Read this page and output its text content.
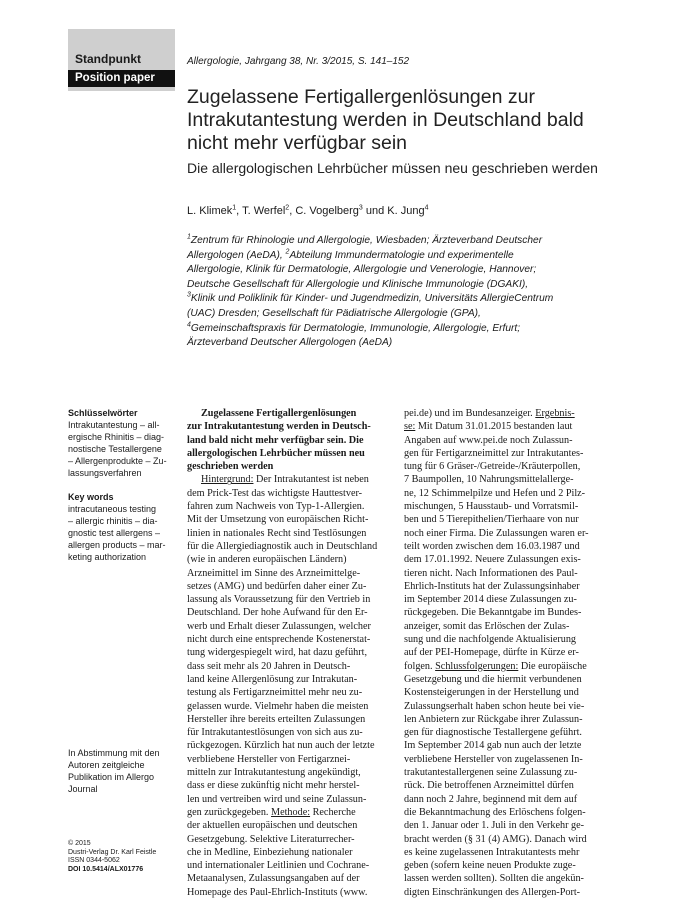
Standpunkt
Position paper
Allergologie, Jahrgang 38, Nr. 3/2015, S. 141–152
Zugelassene Fertigallergenlösungen zur
Intrakutantestung werden in Deutschland bald
nicht mehr verfügbar sein
Die allergologischen Lehrbücher müssen neu geschrieben werden
L. Klimek$^1$, T. Werfel$^2$, C. Vogelberg$^3$ und K. Jung$^4$
$^1$Zentrum für Rhinologie und Allergologie, Wiesbaden; Ärzteverband Deutscher
Allergologen (AeDA), $^2$Abteilung Immundermatologie und experimentelle
Allergologie, Klinik für Dermatologie, Allergologie und Venerologie, Hannover;
Deutsche Gesellschaft für Allergologie und Klinische Immunologie (DGAKI),
$^3$Klinik und Poliklinik für Kinder- und Jugendmedizin, Universitäts AllergieCentrum
(UAC) Dresden; Gesellschaft für Pädiatrische Allergologie (GPA),
$^4$Gemeinschaftspraxis für Dermatologie, Immunologie, Allergologie, Erfurt;
Ärzteverband Deutscher Allergologen (AeDA)
Schlüsselwörter
Intrakutantestung – all-
ergische Rhinitis – diag-
nostische Testallergene
– Allergenprodukte – Zu-
lassungsverfahren
Key words
intracutaneous testing
– allergic rhinitis – dia-
gnostic test allergens –
allergen products – mar-
keting authorization
In Abstimmung mit den
Autoren zeitgleiche
Publikation im Allergo
Journal
© 2015
Dustri-Verlag Dr. Karl Feistle
ISSN 0344-5062
DOI 10.5414/ALX01776
Zugelassene Fertigallergenlösungen
zur Intrakutantestung werden in Deutsch-
land bald nicht mehr verfügbar sein. Die
allergologischen Lehrbücher müssen neu
geschrieben werden
Hintergrund: Der Intrakutantest ist neben
dem Prick-Test das wichtigste Hauttestver-
fahren zum Nachweis von Typ-1-Allergien.
Mit der Umsetzung von europäischen Richt-
linien in nationales Recht sind Testlösungen
für die Allergiediagnostik auch in Deutschland
(wie in anderen europäischen Ländern)
Arzneimittel im Sinne des Arzneimittelge-
setzes (AMG) und bedürfen daher einer Zu-
lassung als Voraussetzung für den Vertrieb in
Deutschland. Der hohe Aufwand für den Er-
werb und Erhalt dieser Zulassungen, welcher
nicht durch eine entsprechende Kostenerstat-
tung widergespiegelt wird, hat dazu geführt,
dass seit mehr als 20 Jahren in Deutsch-
land keine Allergenlösung zur Intrakutan-
testung als Fertigarzneimittel mehr neu zu-
gelassen wurde. Vielmehr haben die meisten
Hersteller ihre bereits erteilten Zulassungen
für Intrakutantestlösungen von sich aus zu-
rückgezogen. Kürzlich hat nun auch der letzte
verbliebene Hersteller von Fertigarznei-
mitteln zur Intrakutantestung angekündigt,
dass er diese zukünftig nicht mehr herstel-
len und vertreiben wird und seine Zulassun-
gen zurückgegeben. Methode: Recherche
der aktuellen europäischen und deutschen
Gesetzgebung. Selektive Literaturrecher-
che in Medline, Einbeziehung nationaler
und internationaler Leitlinien und Cochrane-
Metaanalysen, Zulassungsangaben auf der
Homepage des Paul-Ehrlich-Instituts (www.
pei.de) und im Bundesanzeiger. Ergebnis-
se: Mit Datum 31.01.2015 bestanden laut
Angaben auf www.pei.de noch Zulassun-
gen für Fertigarzneimittel zur Intrakutantes-
tung für 6 Gräser-/Getreide-/Kräuterpollen,
7 Baumpollen, 10 Nahrungsmittelallerge-
ne, 12 Schimmelpilze und Hefen und 2 Pilz-
mischungen, 5 Hausstaub- und Vorratsmil-
ben und 5 Tierepithelien/Tierhaare von nur
noch einer Firma. Die Zulassungen waren er-
teilt worden zwischen dem 16.03.1987 und
dem 17.01.1992. Neuere Zulassungen exis-
tieren nicht. Nach Informationen des Paul-
Ehrlich-Instituts hat der Zulassungsinhaber
im September 2014 diese Zulassungen zu-
rückgegeben. Die Bekanntgabe im Bundes-
anzeiger, somit das Erlöschen der Zulas-
sung und die nachfolgende Aktualisierung
auf der PEI-Homepage, dürfte in Kürze er-
folgen. Schlussfolgerungen: Die europäische
Gesetzgebung und die hiermit verbundenen
Kostensteigerungen in der Herstellung und
Zulassungserhalt haben schon heute bei vie-
len Anbietern zur Rückgabe ihrer Zulassun-
gen für diagnostische Testallergene geführt.
Im September 2014 gab nun auch der letzte
verbliebene Hersteller von zugelassenen In-
trakutantestallergenen seine Zulassung zu-
rück. Die betroffenen Arzneimittel dürfen
dann noch 2 Jahre, beginnend mit dem auf
die Bekanntmachung des Erlöschens folgen-
den 1. Januar oder 1. Juli in den Verkehr ge-
bracht werden (§ 31 (4) AMG). Danach wird
es keine zugelassenen Intrakutantests mehr
geben (sofern keine neuen Produkte zuge-
lassen werden sollten). Sollten die angekün-
digten Einschränkungen des Allergen-Port-
